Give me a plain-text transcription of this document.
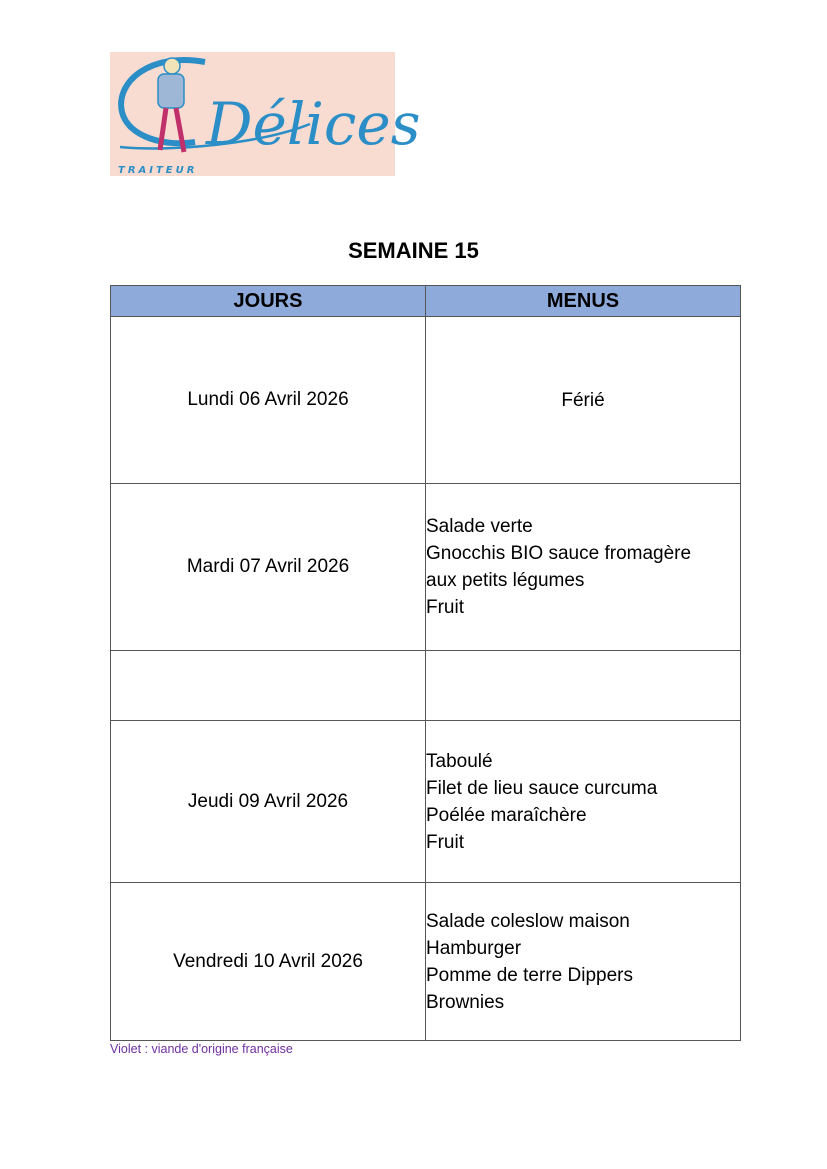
Délices
TRAITEUR
SEMAINE 15
JOURS	MENUS
Lundi 06 Avril 2026	Férié

Mardi 07 Avril 2026	Salade verte
Gnocchis BIO sauce fromagère
aux petits légumes
Fruit

Jeudi 09 Avril 2026	Taboulé
Filet de lieu sauce curcuma
Poélée maraîchère
Fruit

Vendredi 10 Avril 2026	Salade coleslow maison
Hamburger
Pomme de terre Dippers
Brownies
Violet : viande d'origine française
